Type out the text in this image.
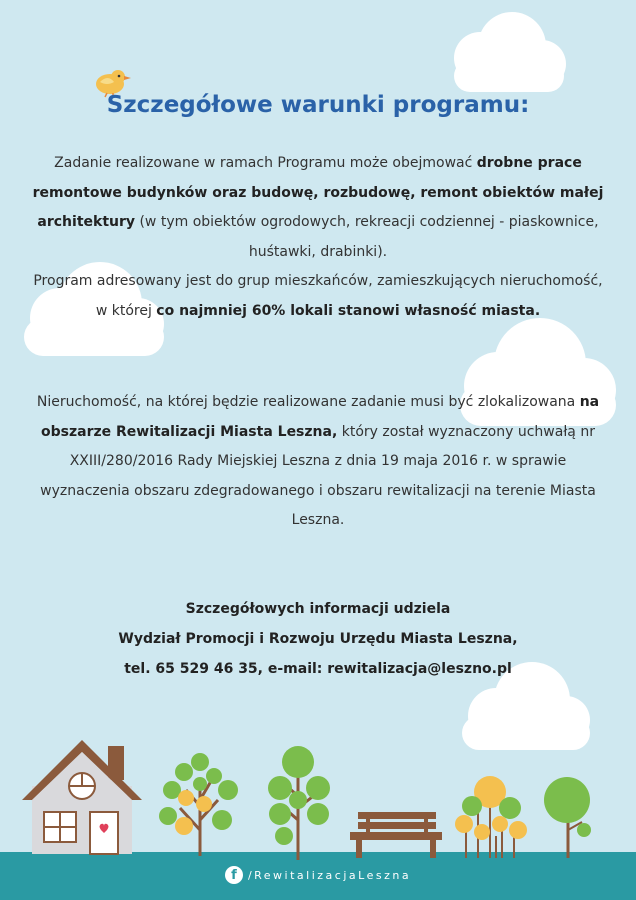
Szczegółowe warunki programu:
Zadanie realizowane w ramach Programu może obejmować drobne prace remontowe budynków oraz budowę, rozbudowę, remont obiektów małej architektury (w tym obiektów ogrodowych, rekreacji codziennej - piaskownice, huśtawki, drabinki).
Program adresowany jest do grup mieszkańców, zamieszkujących nieruchomość, w której co najmniej 60% lokali stanowi własność miasta.
Nieruchomość, na której będzie realizowane zadanie musi być zlokalizowana na obszarze Rewitalizacji Miasta Leszna, który został wyznaczony uchwałą nr XXIII/280/2016 Rady Miejskiej Leszna z dnia 19 maja 2016 r. w sprawie wyznaczenia obszaru zdegradowanego i obszaru rewitalizacji na terenie Miasta Leszna.
Szczegółowych informacji udziela
Wydział Promocji i Rozwoju Urzędu Miasta Leszna,
tel. 65 529 46 35, e-mail: rewitalizacja@leszno.pl
f	/RewitalizacjaLeszna
